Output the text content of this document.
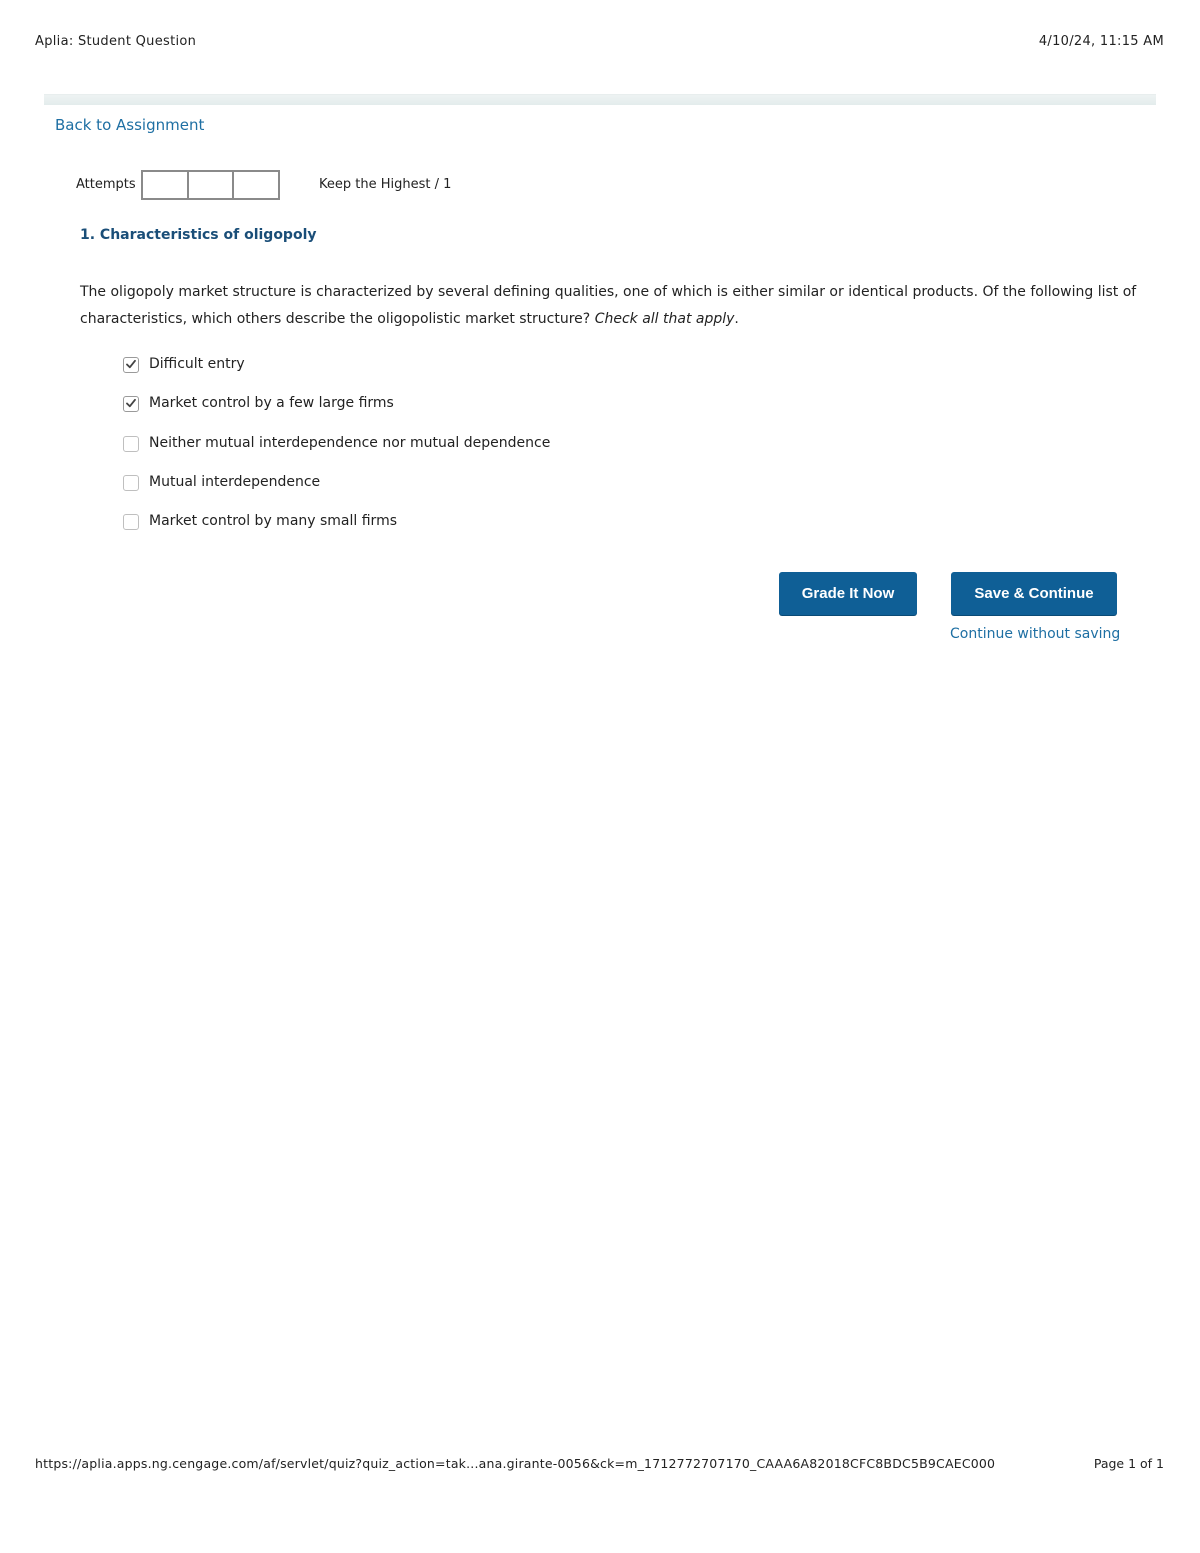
Aplia: Student Question	4/10/24, 11:15 AM
Back to Assignment
Attempts	Keep the Highest / 1
1. Characteristics of oligopoly
The oligopoly market structure is characterized by several defining qualities, one of which is either similar or identical products. Of the following list of characteristics, which others describe the oligopolistic market structure? Check all that apply.
Difficult entry
Market control by a few large firms
Neither mutual interdependence nor mutual dependence
Mutual interdependence
Market control by many small firms
Grade It Now	Save & Continue
Continue without saving
https://aplia.apps.ng.cengage.com/af/servlet/quiz?quiz_action=tak...ana.girante-0056&ck=m_1712772707170_CAAA6A82018CFC8BDC5B9CAEC000	Page 1 of 1
